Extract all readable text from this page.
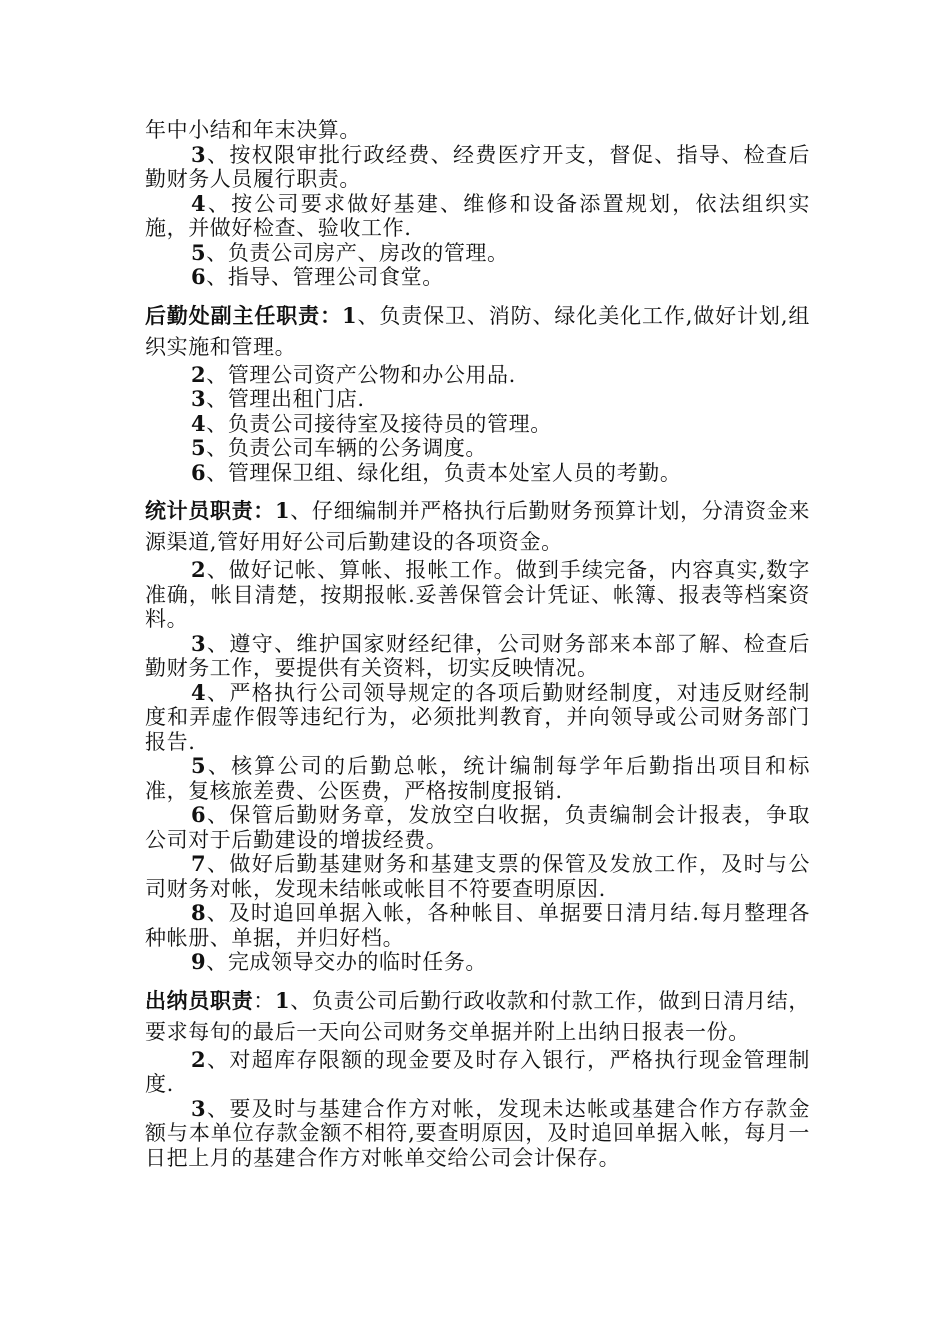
年中小结和年末决算。

3、按权限审批行政经费、经费医疗开支，督促、指导、检查后勤财务人员履行职责。

4、按公司要求做好基建、维修和设备添置规划，依法组织实施，并做好检查、验收工作.

5、负责公司房产、房改的管理。

6、指导、管理公司食堂。

后勤处副主任职责：1、负责保卫、消防、绿化美化工作,做好计划,组织实施和管理。

2、管理公司资产公物和办公用品.

3、管理出租门店.

4、负责公司接待室及接待员的管理。

5、负责公司车辆的公务调度。

6、管理保卫组、绿化组，负责本处室人员的考勤。

统计员职责：1、仔细编制并严格执行后勤财务预算计划，分清资金来源渠道,管好用好公司后勤建设的各项资金。

2、做好记帐、算帐、报帐工作。做到手续完备，内容真实,数字准确，帐目清楚，按期报帐.妥善保管会计凭证、帐簿、报表等档案资料。

3、遵守、维护国家财经纪律，公司财务部来本部了解、检查后勤财务工作，要提供有关资料，切实反映情况。

4、严格执行公司领导规定的各项后勤财经制度，对违反财经制度和弄虚作假等违纪行为，必须批判教育，并向领导或公司财务部门报告.

5、核算公司的后勤总帐，统计编制每学年后勤指出项目和标准，复核旅差费、公医费，严格按制度报销.

6、保管后勤财务章，发放空白收据，负责编制会计报表，争取公司对于后勤建设的增拔经费。

7、做好后勤基建财务和基建支票的保管及发放工作，及时与公司财务对帐，发现未结帐或帐目不符要查明原因.

8、及时追回单据入帐，各种帐目、单据要日清月结.每月整理各种帐册、单据，并归好档。

9、完成领导交办的临时任务。

出纳员职责：1、负责公司后勤行政收款和付款工作，做到日清月结，要求每旬的最后一天向公司财务交单据并附上出纳日报表一份。

2、对超库存限额的现金要及时存入银行，严格执行现金管理制度.

3、要及时与基建合作方对帐，发现未达帐或基建合作方存款金额与本单位存款金额不相符,要查明原因，及时追回单据入帐，每月一日把上月的基建合作方对帐单交给公司会计保存。
